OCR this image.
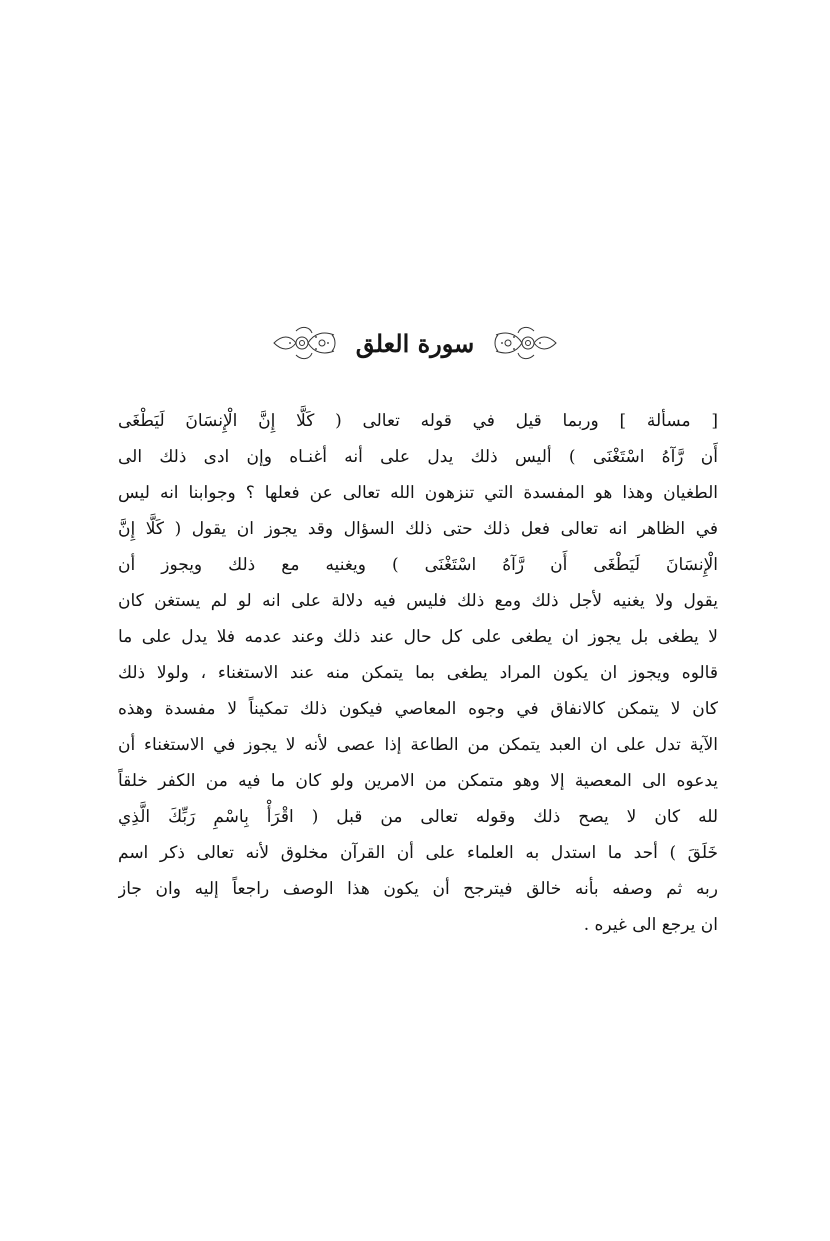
سورة العلق
[ مسألة ] وربما قيل في قوله تعالى ( كَلَّا إِنَّ الْإِنسَانَ لَيَطْغَى
أَن رَّآهُ اسْتَغْنَى ) أليس ذلك يدل على أنه أغنـاه وإن ادى ذلك الى
الطغيان وهذا هو المفسدة التي تنزهون الله تعالى عن فعلها ؟ وجوابنا انه ليس
في الظاهر انه تعالى فعل ذلك حتى ذلك السؤال وقد يجوز ان يقول ( كَلَّا إِنَّ
الْإِنسَانَ لَيَطْغَى أَن رَّآهُ اسْتَغْنَى ) ويغنيه مع ذلك ويجوز أن
يقول ولا يغنيه لأجل ذلك ومع ذلك فليس فيه دلالة على انه لو لم يستغن كان
لا يطغى بل يجوز ان يطغى على كل حال عند ذلك وعند عدمه فلا يدل على ما
قالوه ويجوز ان يكون المراد يطغى بما يتمكن منه عند الاستغناء ، ولولا ذلك
كان لا يتمكن كالانفاق في وجوه المعاصي فيكون ذلك تمكيناً لا مفسدة وهذه
الآية تدل على ان العبد يتمكن من الطاعة إذا عصى لأنه لا يجوز في الاستغناء أن
يدعوه الى المعصية إلا وهو متمكن من الامرين ولو كان ما فيه من الكفر خلقاً
لله كان لا يصح ذلك وقوله تعالى من قبل ( اقْرَأْ بِاسْمِ رَبِّكَ الَّذِي
خَلَقَ ) أحد ما استدل به العلماء على أن القرآن مخلوق لأنه تعالى ذكر اسم
ربه ثم وصفه بأنه خالق فيترجح أن يكون هذا الوصف راجعاً إليه وان جاز
ان يرجع الى غيره .
